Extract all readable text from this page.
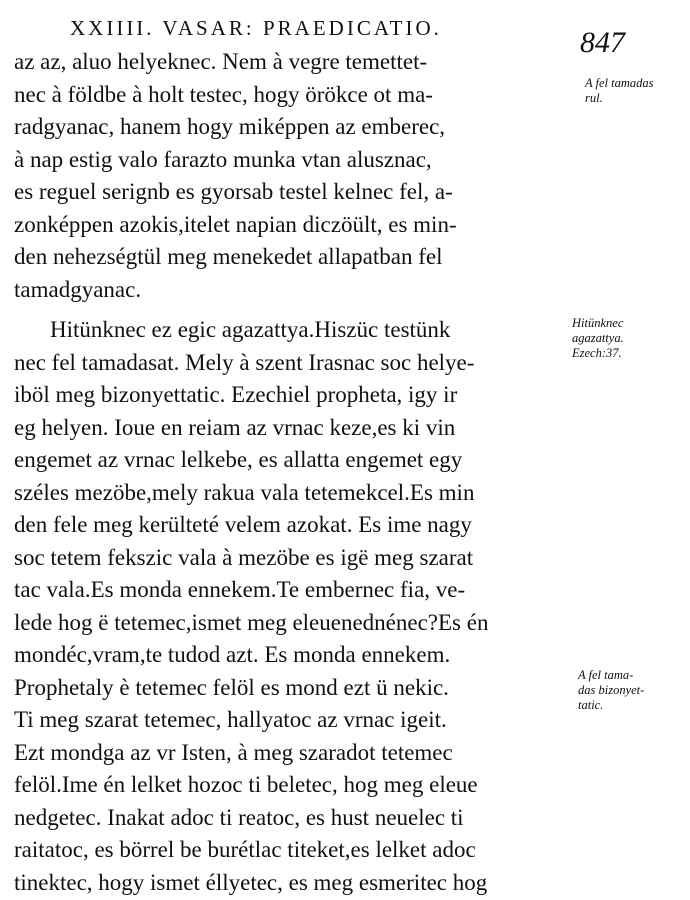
XXIIII. VASAR: PRAEDICATIO.	847
az az, aluo helyeknec. Nem à vegre temettet-
nec à földbe à holt testec, hogy örökce ot ma-
radgyanac, hanem hogy miképpen az emberec,
à nap estig valo farazto munka vtan alusznac,
es reguel serignb es gyorsab testel kelnec fel, a-
zonképpen azokis,itelet napian diczöült, es min-
den nehezségtül meg menekedet allapatban fel
tamadgyanac.
Hitünknec ez egic agazattya.Hiszüc testünk
nec fel tamadasat. Mely à szent Irasnac soc helye-
iböl meg bizonyettatic. Ezechiel propheta, igy ir
eg helyen. Ioue en reiam az vrnac keze,es ki vin
engemet az vrnac lelkebe, es allatta engemet egy
széles mezöbe,mely rakua vala tetemekcel.Es min
den fele meg kerülteté velem azokat. Es ime nagy
soc tetem fekszic vala à mezöbe es igë meg szarat
tac vala.Es monda ennekem.Te embernec fia, ve-
lede hog ë tetemec,ismet meg eleuenednénec?Es én
mondéc,vram,te tudod azt. Es monda ennekem.
Prophetaly è tetemec felöl es mond ezt ü nekic.
Ti meg szarat tetemec, hallyatoc az vrnac igeit.
Ezt mondga az vr Isten, à meg szaradot tetemec
felöl.Ime én lelket hozoc ti beletec, hog meg eleue
nedgetec. Inakat adoc ti reatoc, es hust neuelec ti
raitatoc, es börrel be burétlac titeket,es lelket adoc
tinektec, hogy ismet éllyetec, es meg esmeritec hog
A fel tamadas
rul.
Hitünknec
agazattya.
Ezech:37.
A fel tama-
das bizonyet-
tatic.
